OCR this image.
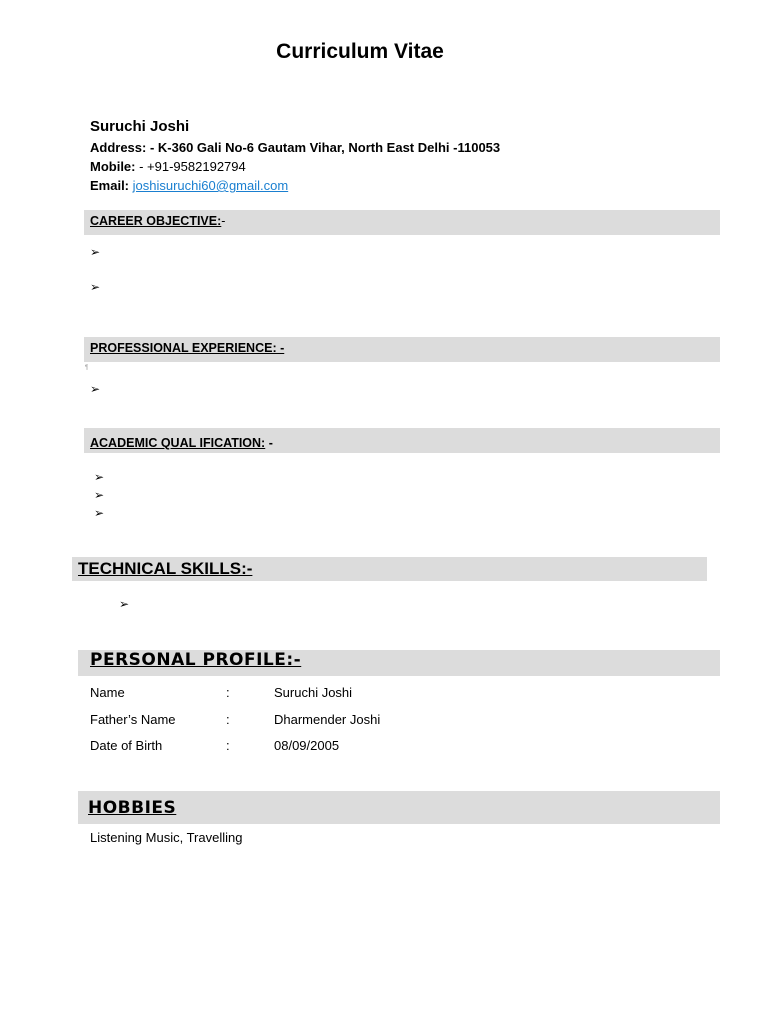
Curriculum Vitae
Suruchi Joshi
Address: - K-360 Gali No-6 Gautam Vihar, North East Delhi -110053
Mobile: - +91-9582192794
Email: joshisuruchi60@gmail.com
CAREER OBJECTIVE:-
➢
➢
PROFESSIONAL EXPERIENCE: -
¶
➢
ACADEMIC QUAL IFICATION: -
➢
➢
➢
TECHNICAL SKILLS:-
➢
PERSONAL PROFILE:-
Name	:	Suruchi Joshi
Father’s Name	:	Dharmender Joshi
Date of Birth	:	08/09/2005
HOBBIES
Listening Music, Travelling
